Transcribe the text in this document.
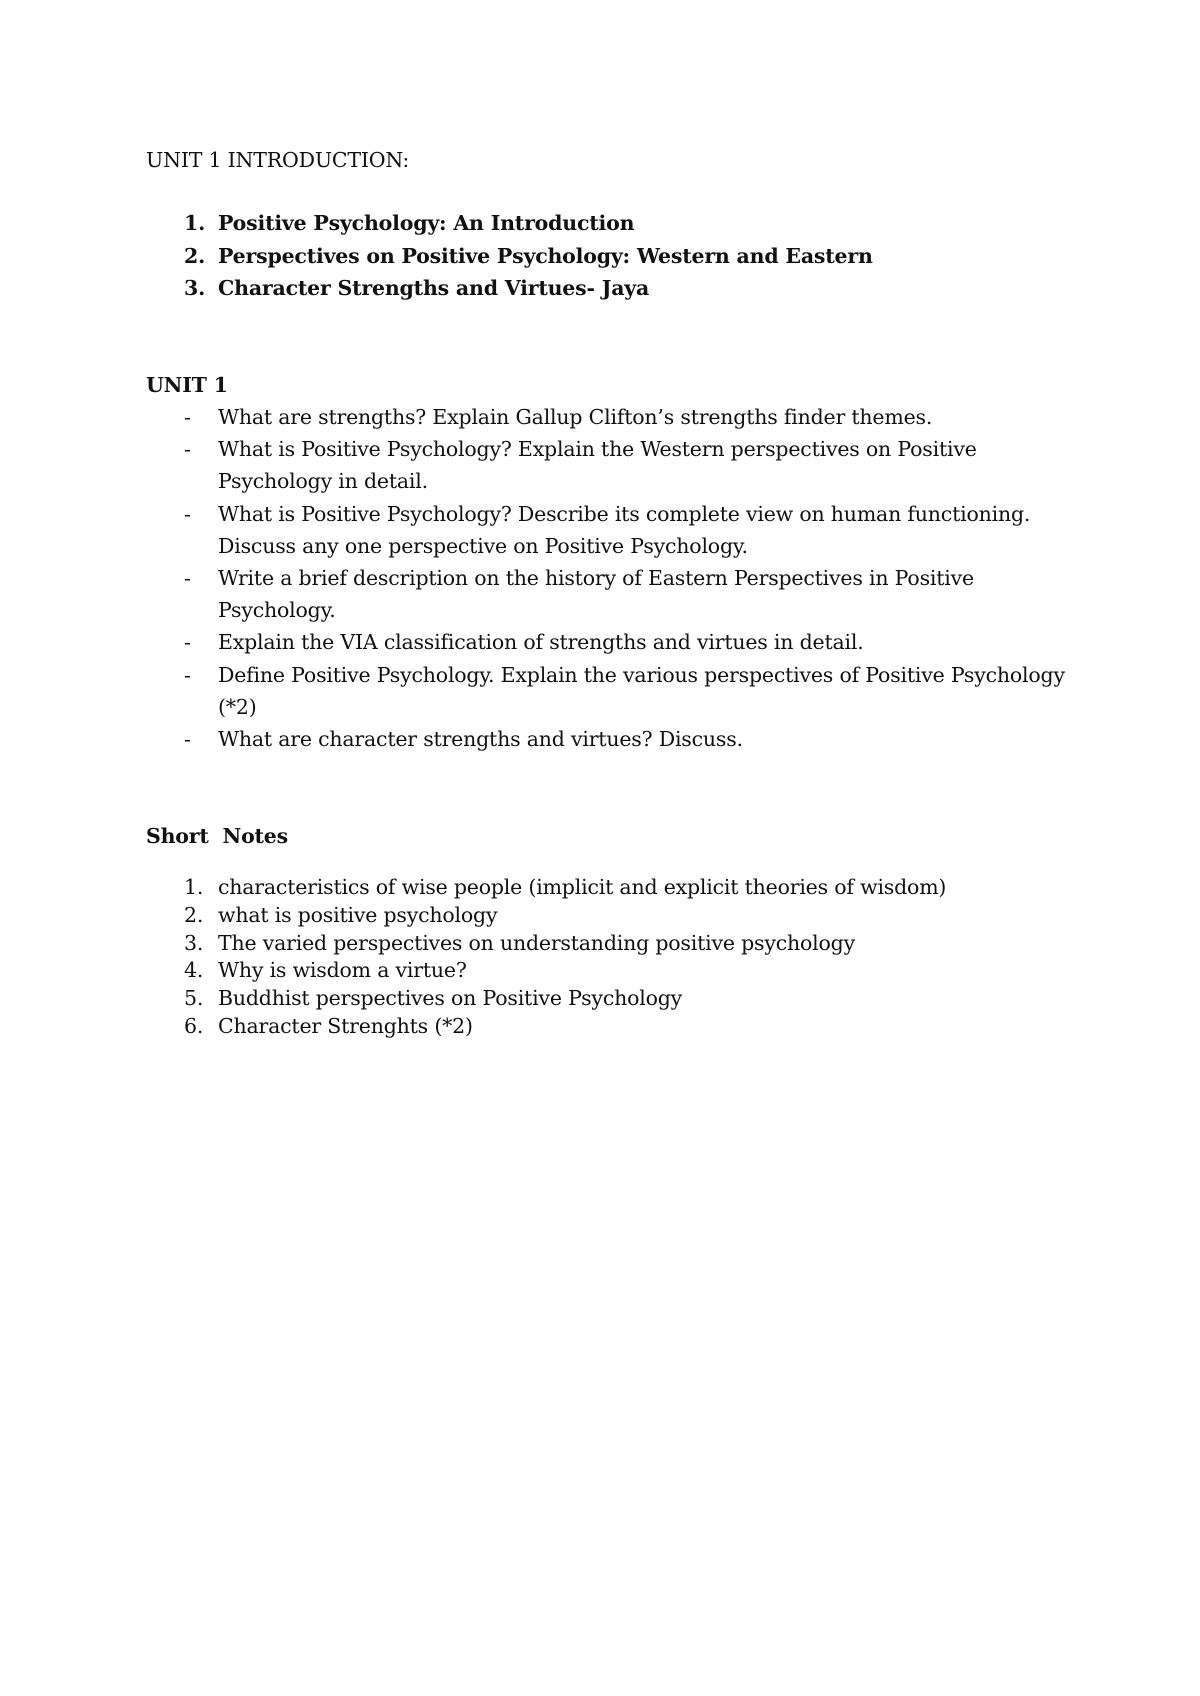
UNIT 1 INTRODUCTION:
1. Positive Psychology: An Introduction
2. Perspectives on Positive Psychology: Western and Eastern
3. Character Strengths and Virtues- Jaya
UNIT 1
-	What are strengths? Explain Gallup Clifton’s strengths finder themes.
-	What is Positive Psychology? Explain the Western perspectives on Positive
Psychology in detail.
-	What is Positive Psychology? Describe its complete view on human functioning.
Discuss any one perspective on Positive Psychology.
-	Write a brief description on the history of Eastern Perspectives in Positive
Psychology.
-	Explain the VIA classification of strengths and virtues in detail.
-	Define Positive Psychology. Explain the various perspectives of Positive Psychology
(*2)
-	What are character strengths and virtues? Discuss.
Short  Notes
1. characteristics of wise people (implicit and explicit theories of wisdom)
2. what is positive psychology
3. The varied perspectives on understanding positive psychology
4. Why is wisdom a virtue?
5. Buddhist perspectives on Positive Psychology
6. Character Strenghts (*2)
